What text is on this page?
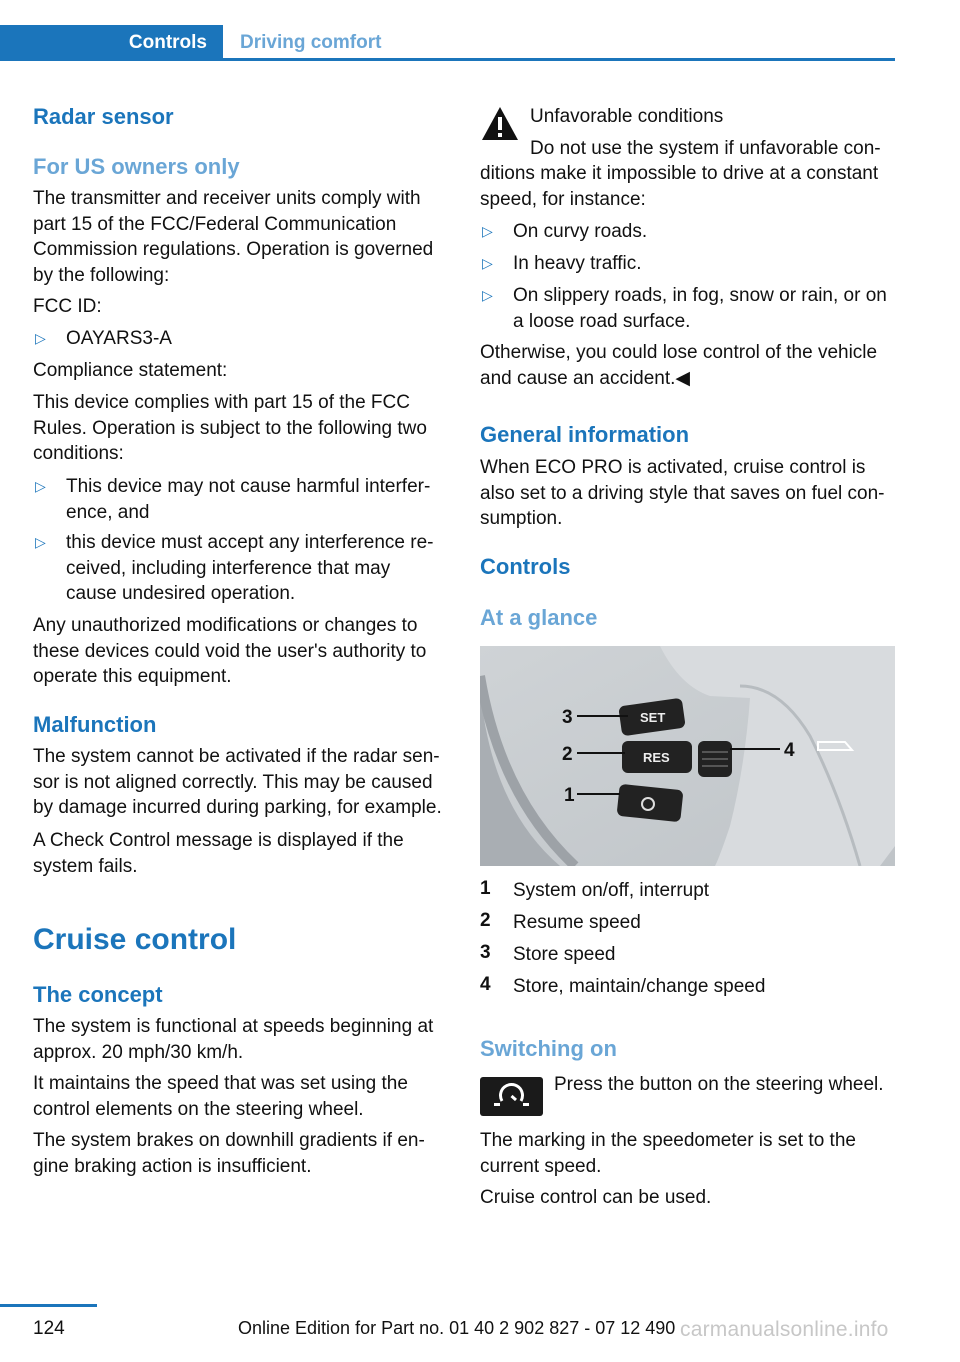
Controls Driving comfort
Radar sensor
For US owners only
The transmitter and receiver units comply with
part 15 of the FCC/Federal Communication
Commission regulations. Operation is governed
by the following:
FCC ID:
▷ OAYARS3-A
Compliance statement:
This device complies with part 15 of the FCC
Rules. Operation is subject to the following two
conditions:
▷ This device may not cause harmful interfer‐
ence, and
▷ this device must accept any interference re‐
ceived, including interference that may
cause undesired operation.
Any unauthorized modifications or changes to
these devices could void the user's authority to
operate this equipment.
Malfunction
The system cannot be activated if the radar sen‐
sor is not aligned correctly. This may be caused
by damage incurred during parking, for example.
A Check Control message is displayed if the
system fails.
Cruise control
The concept
The system is functional at speeds beginning at
approx. 20 mph/30 km/h.
It maintains the speed that was set using the
control elements on the steering wheel.
The system brakes on downhill gradients if en‐
gine braking action is insufficient.
Unfavorable conditions
Do not use the system if unfavorable con‐
ditions make it impossible to drive at a constant
speed, for instance:
▷ On curvy roads.
▷ In heavy traffic.
▷ On slippery roads, in fog, snow or rain, or on
a loose road surface.
Otherwise, you could lose control of the vehicle
and cause an accident.◀
General information
When ECO PRO is activated, cruise control is
also set to a driving style that saves on fuel con‐
sumption.
Controls
At a glance
SET
RES
3
2
1
4
1 System on/off, interrupt
2 Resume speed
3 Store speed
4 Store, maintain/change speed
Switching on
Press the button on the steering wheel.
The marking in the speedometer is set to the
current speed.
Cruise control can be used.
124	Online Edition for Part no. 01 40 2 902 827 - 07 12 490 carmanualsonline.info
